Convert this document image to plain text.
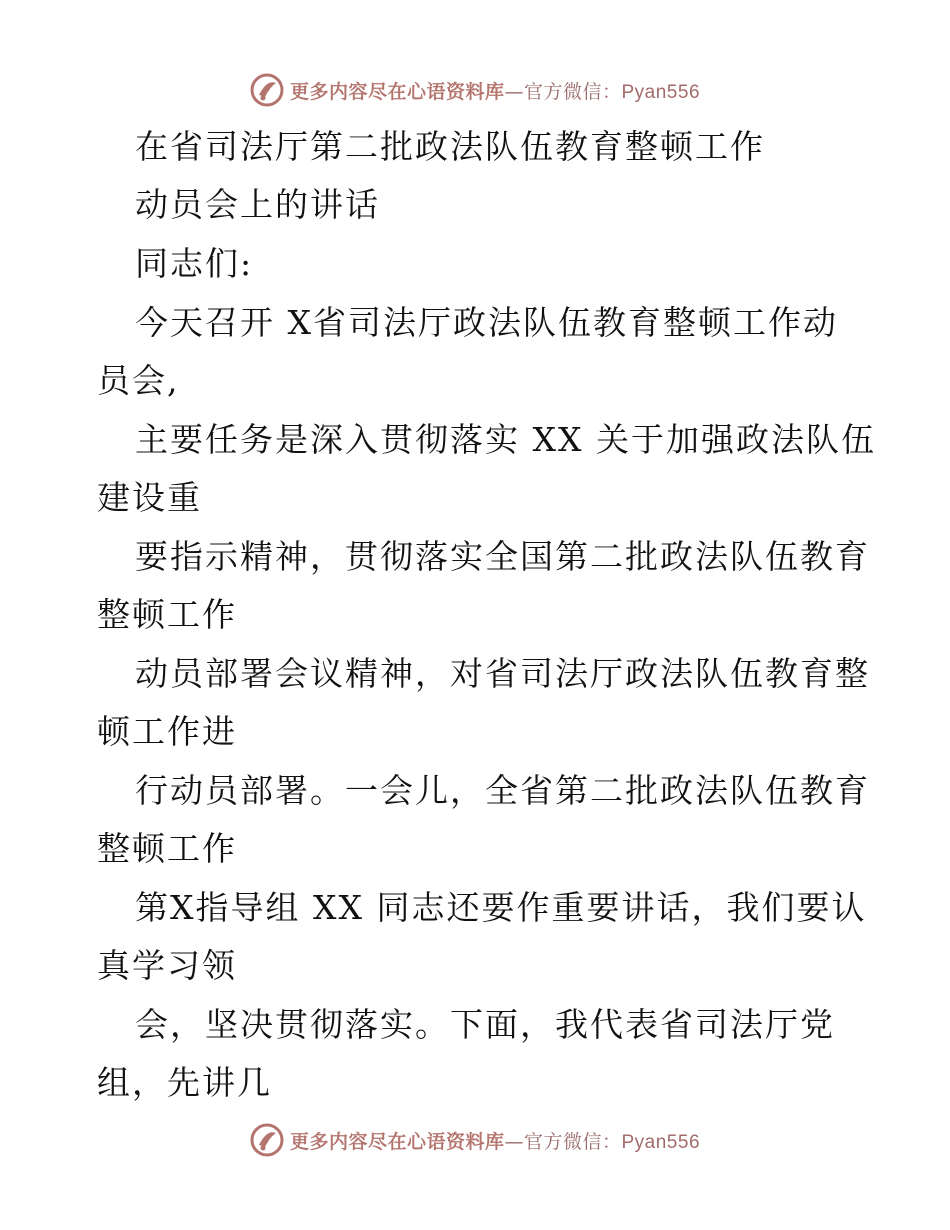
更多内容尽在心语资料库—官方微信：Pyan556
在省司法厅第二批政法队伍教育整顿工作
动员会上的讲话
同志们:
今天召开 X省司法厅政法队伍教育整顿工作动
员会,
主要任务是深入贯彻落实 XX 关于加强政法队伍
建设重
要指示精神，贯彻落实全国第二批政法队伍教育
整顿工作
动员部署会议精神，对省司法厅政法队伍教育整
顿工作进
行动员部署。一会儿，全省第二批政法队伍教育
整顿工作
第X指导组 XX 同志还要作重要讲话，我们要认
真学习领
会，坚决贯彻落实。下面，我代表省司法厅党
组，先讲几
更多内容尽在心语资料库—官方微信：Pyan556
